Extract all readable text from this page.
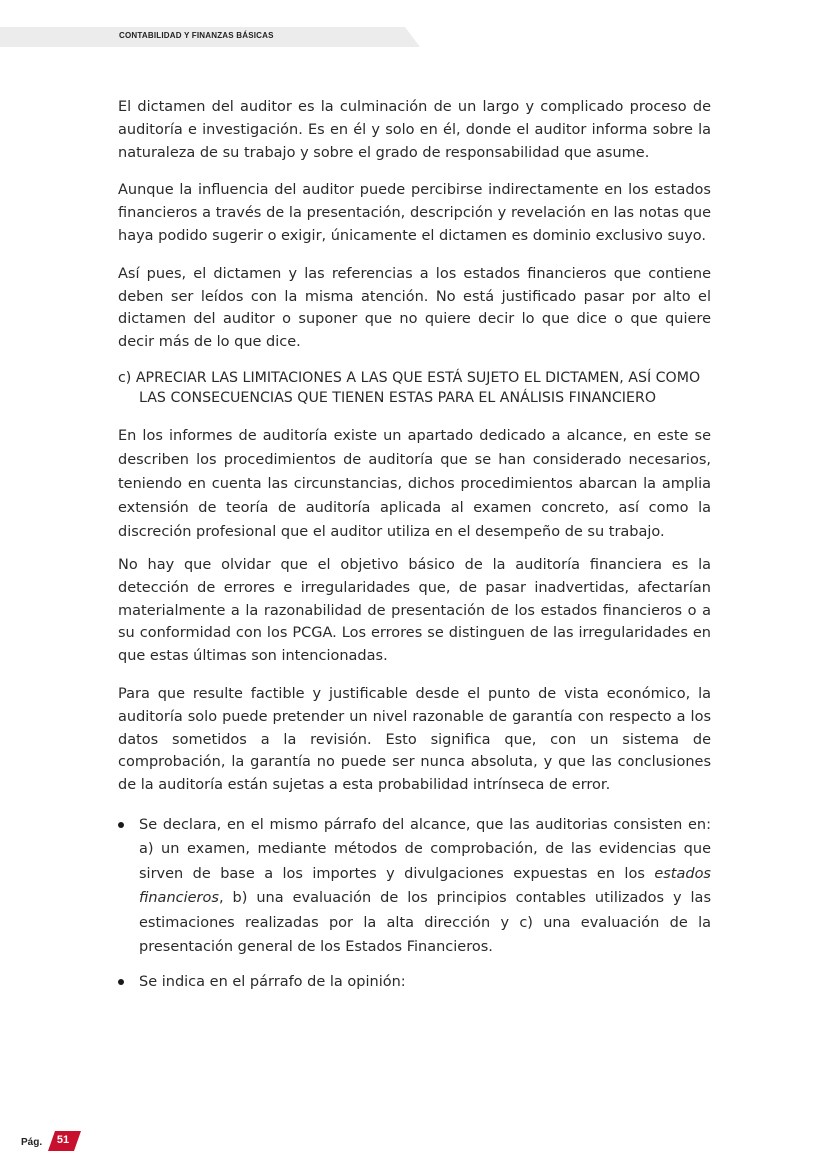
CONTABILIDAD Y FINANZAS BÁSICAS

El dictamen del auditor es la culminación de un largo y complicado proceso de auditoría e investigación. Es en él y solo en él, donde el auditor informa sobre la naturaleza de su trabajo y sobre el grado de responsabilidad que asume.

Aunque la influencia del auditor puede percibirse indirectamente en los estados financieros a través de la presentación, descripción y revelación en las notas que haya podido sugerir o exigir, únicamente el dictamen es dominio exclusivo suyo.

Así pues, el dictamen y las referencias a los estados financieros que contiene deben ser leídos con la misma atención. No está justificado pasar por alto el dictamen del auditor o suponer que no quiere decir lo que dice o que quiere decir más de lo que dice.

c) APRECIAR LAS LIMITACIONES A LAS QUE ESTÁ SUJETO EL DICTAMEN, ASÍ COMO
LAS CONSECUENCIAS QUE TIENEN ESTAS PARA EL ANÁLISIS FINANCIERO

En los informes de auditoría existe un apartado dedicado a alcance, en este se describen los procedimientos de auditoría que se han considerado necesarios, teniendo en cuenta las circunstancias, dichos procedimientos abarcan la amplia extensión de teoría de auditoría aplicada al examen concreto, así como la discreción profesional que el auditor utiliza en el desempeño de su trabajo.

No hay que olvidar que el objetivo básico de la auditoría financiera es la detección de errores e irregularidades que, de pasar inadvertidas, afectarían materialmente a la razonabilidad de presentación de los estados financieros o a su conformidad con los PCGA. Los errores se distinguen de las irregularidades en que estas últimas son intencionadas.

Para que resulte factible y justificable desde el punto de vista económico, la auditoría solo puede pretender un nivel razonable de garantía con respecto a los datos sometidos a la revisión. Esto significa que, con un sistema de comprobación, la garantía no puede ser nunca absoluta, y que las conclusiones de la auditoría están sujetas a esta probabilidad intrínseca de error.

Se declara, en el mismo párrafo del alcance, que las auditorias consisten en: a) un examen, mediante métodos de comprobación, de las evidencias que sirven de base a los importes y divulgaciones expuestas en los estados financieros, b) una evaluación de los principios contables utilizados y las estimaciones realizadas por la alta dirección y c) una evaluación de la presentación general de los Estados Financieros.

Se indica en el párrafo de la opinión:

Pág.	51
